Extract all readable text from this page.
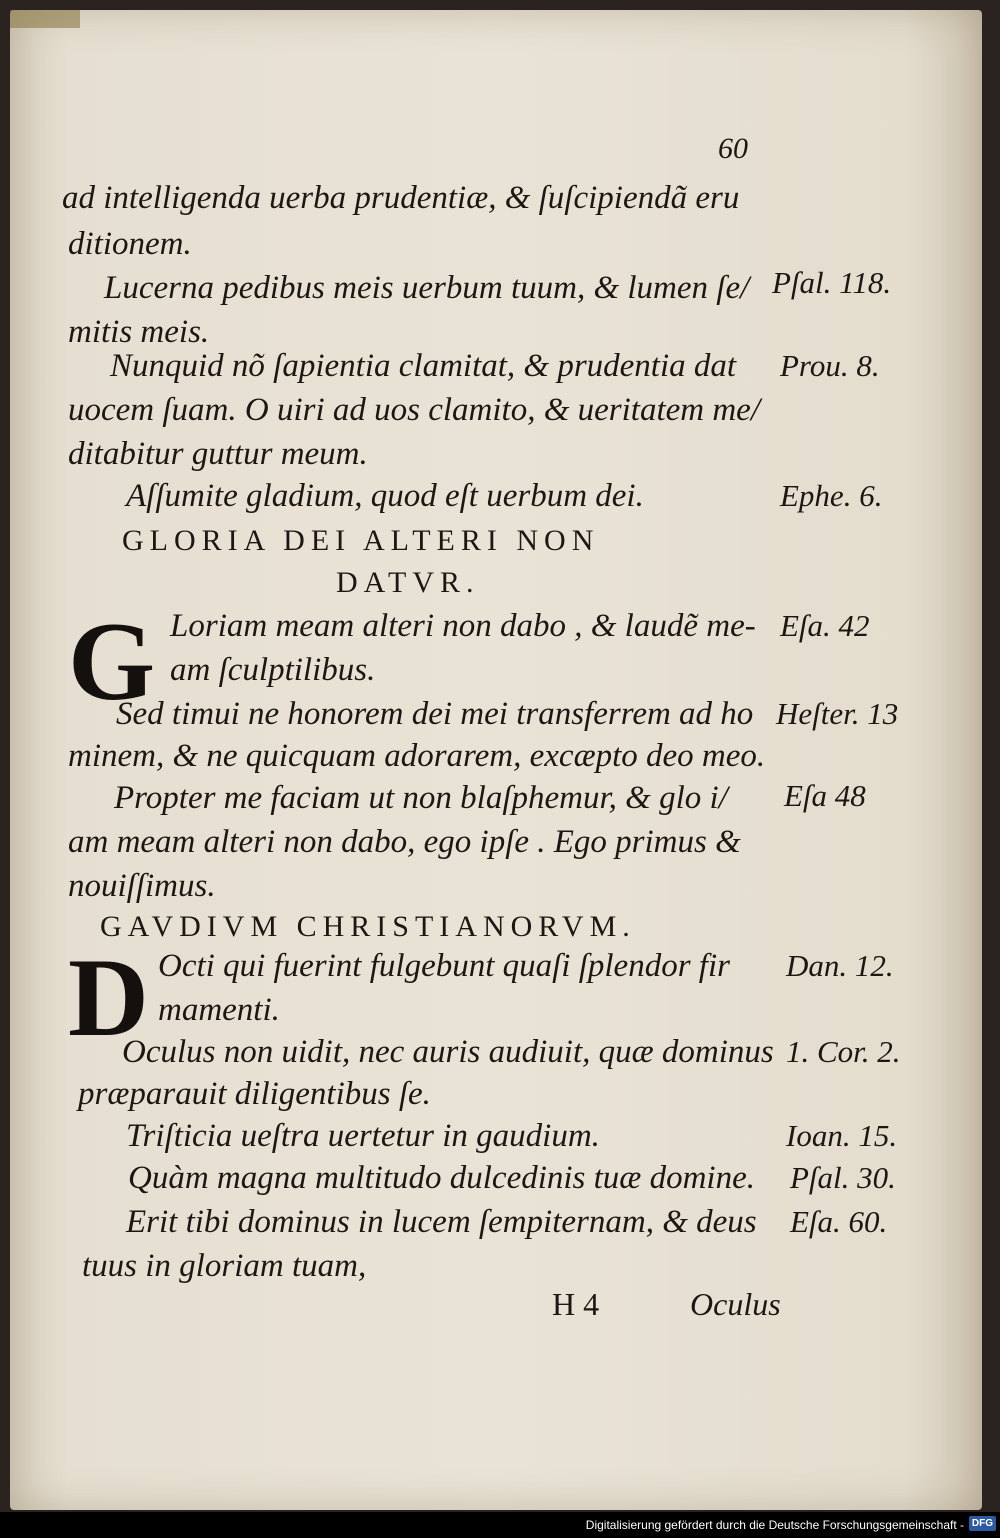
60
ad intelligenda uerba prudentiæ, & ſuſcipiendã eru
ditionem.
Lucerna pedibus meis uerbum tuum, & lumen ſe/ Pſal. 118.
mitis meis.
Nunquid nõ ſapientia clamitat, & prudentia dat Prou. 8.
uocem ſuam. O uiri ad uos clamito, & ueritatem me/
ditabitur guttur meum.
Aſſumite gladium, quod eſt uerbum dei.	Ephe. 6.
GLORIA DEI ALTERI NON
DATVR.
G Loriam meam alteri non dabo , & laudẽ me- Eſa. 42
am ſculptilibus.
Sed timui ne honorem dei mei transferrem ad ho Heſter. 13
minem, & ne quicquam adorarem, excæpto deo meo.
Propter me faciam ut non blaſphemur, & glo i/ Eſa 48
am meam alteri non dabo, ego ipſe . Ego primus &
nouiſſimus.
GAVDIVM CHRISTIANORVM.
D Octi qui fuerint fulgebunt quaſi ſplendor fir Dan. 12.
mamenti.
Oculus non uidit, nec auris audiuit, quæ dominus 1. Cor. 2.
præparauit diligentibus ſe.
Triſticia ueſtra uertetur in gaudium.	Ioan. 15.
Quàm magna multitudo dulcedinis tuæ domine. Pſal. 30.
Erit tibi dominus in lucem ſempiternam, & deus Eſa. 60.
tuus in gloriam tuam,
H 4	Oculus
Digitalisierung gefördert durch die Deutsche Forschungsgemeinschaft - DFG
